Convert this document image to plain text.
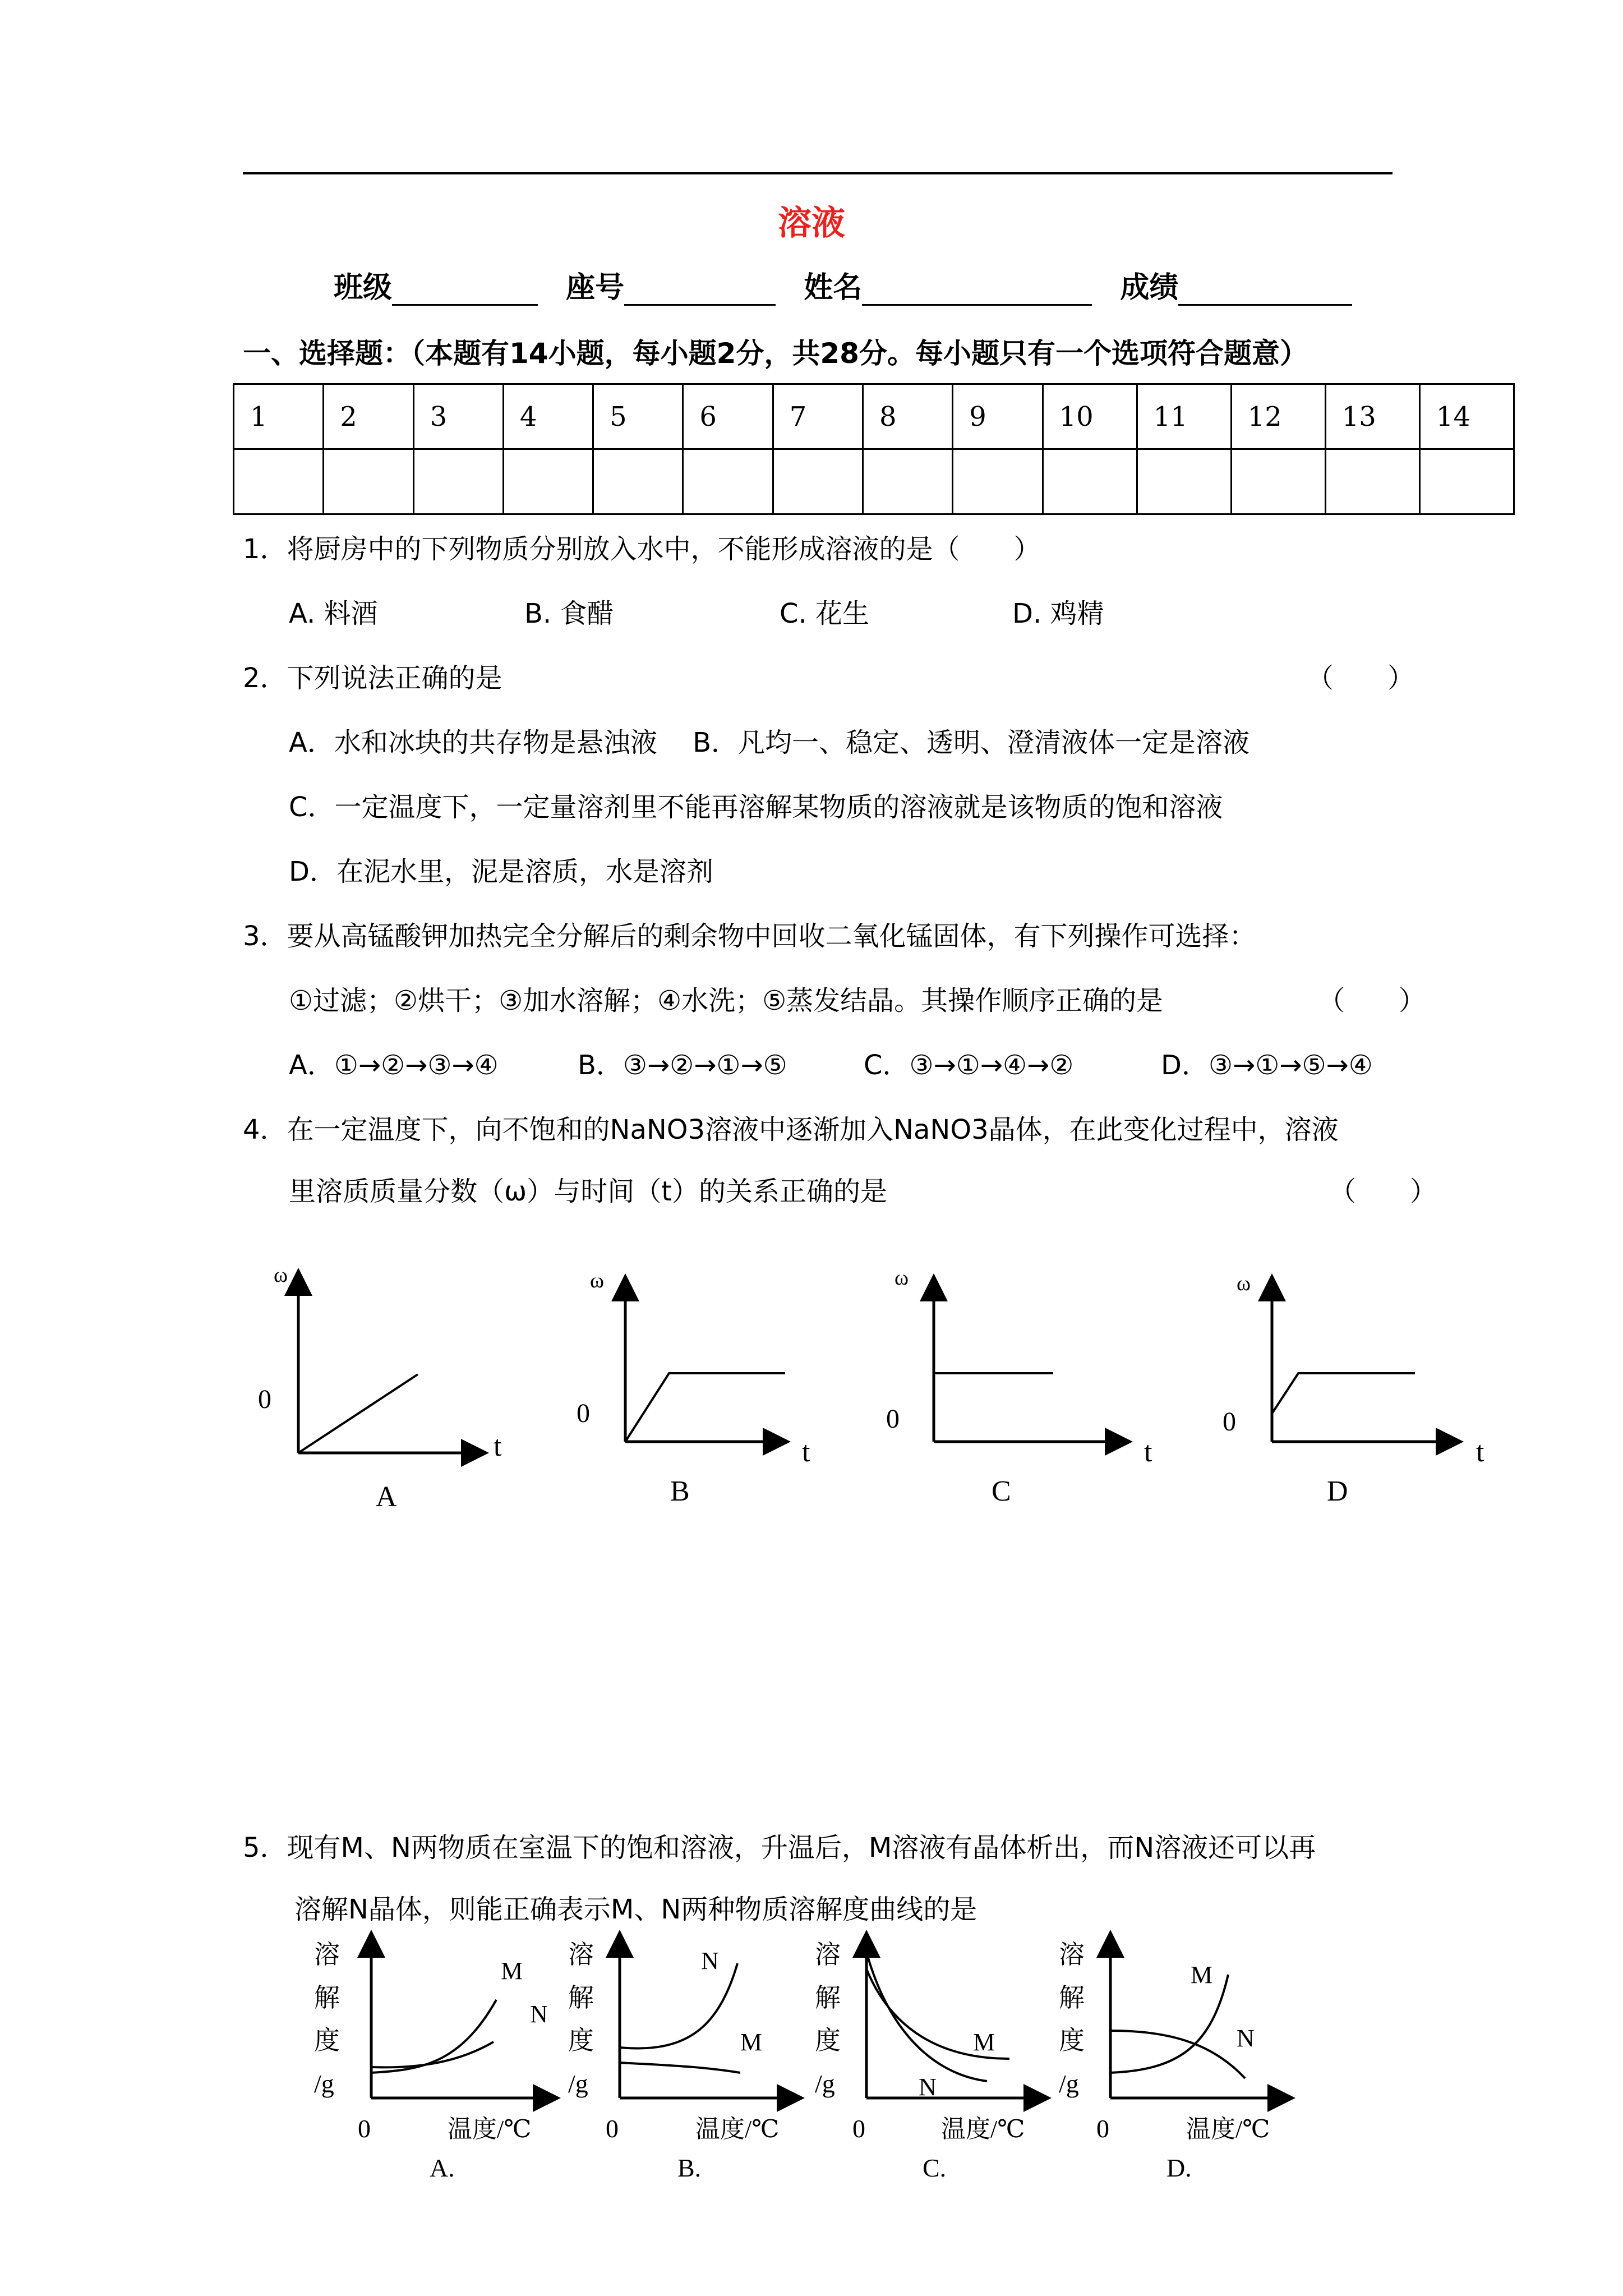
溶液
班级	座号	姓名	成绩
一、选择题：（本题有14小题，每小题2分，共28分。每小题只有一个选项符合题意）
1	2	3	4	5	6	7	8	9	10	11	12	13	14

1．将厨房中的下列物质分别放入水中，不能形成溶液的是（　　）
A. 料酒	B. 食醋	C. 花生	D. 鸡精
2．下列说法正确的是	（　　）
A．水和冰块的共存物是悬浊液　 B．凡均一、稳定、透明、澄清液体一定是溶液
C．一定温度下，一定量溶剂里不能再溶解某物质的溶液就是该物质的饱和溶液
D．在泥水里，泥是溶质，水是溶剂
3．要从高锰酸钾加热完全分解后的剩余物中回收二氧化锰固体，有下列操作可选择：
①过滤；②烘干；③加水溶解；④水洗；⑤蒸发结晶。其操作顺序正确的是	（　　）
A．①→②→③→④	B．③→②→①→⑤	C．③→①→④→②	D．③→①→⑤→④
4．在一定温度下，向不饱和的NaNO3溶液中逐渐加入NaNO3晶体，在此变化过程中，溶液
里溶质质量分数（ω）与时间（t）的关系正确的是	（　　）
ω
0
t
A
ω
0
t
B
ω
0
t
C
ω
0
t
D
5．现有M、N两物质在室温下的饱和溶液，升温后，M溶液有晶体析出，而N溶液还可以再
溶解N晶体，则能正确表示M、N两种物质溶解度曲线的是
溶
解
度
/g
0	温度/℃
M
N
A.
溶
解
度
/g
0	温度/℃
N
M
B.
溶
解
度
/g
0	温度/℃
M
N
C.
溶
解
度
/g
0	温度/℃
M
N
D.
